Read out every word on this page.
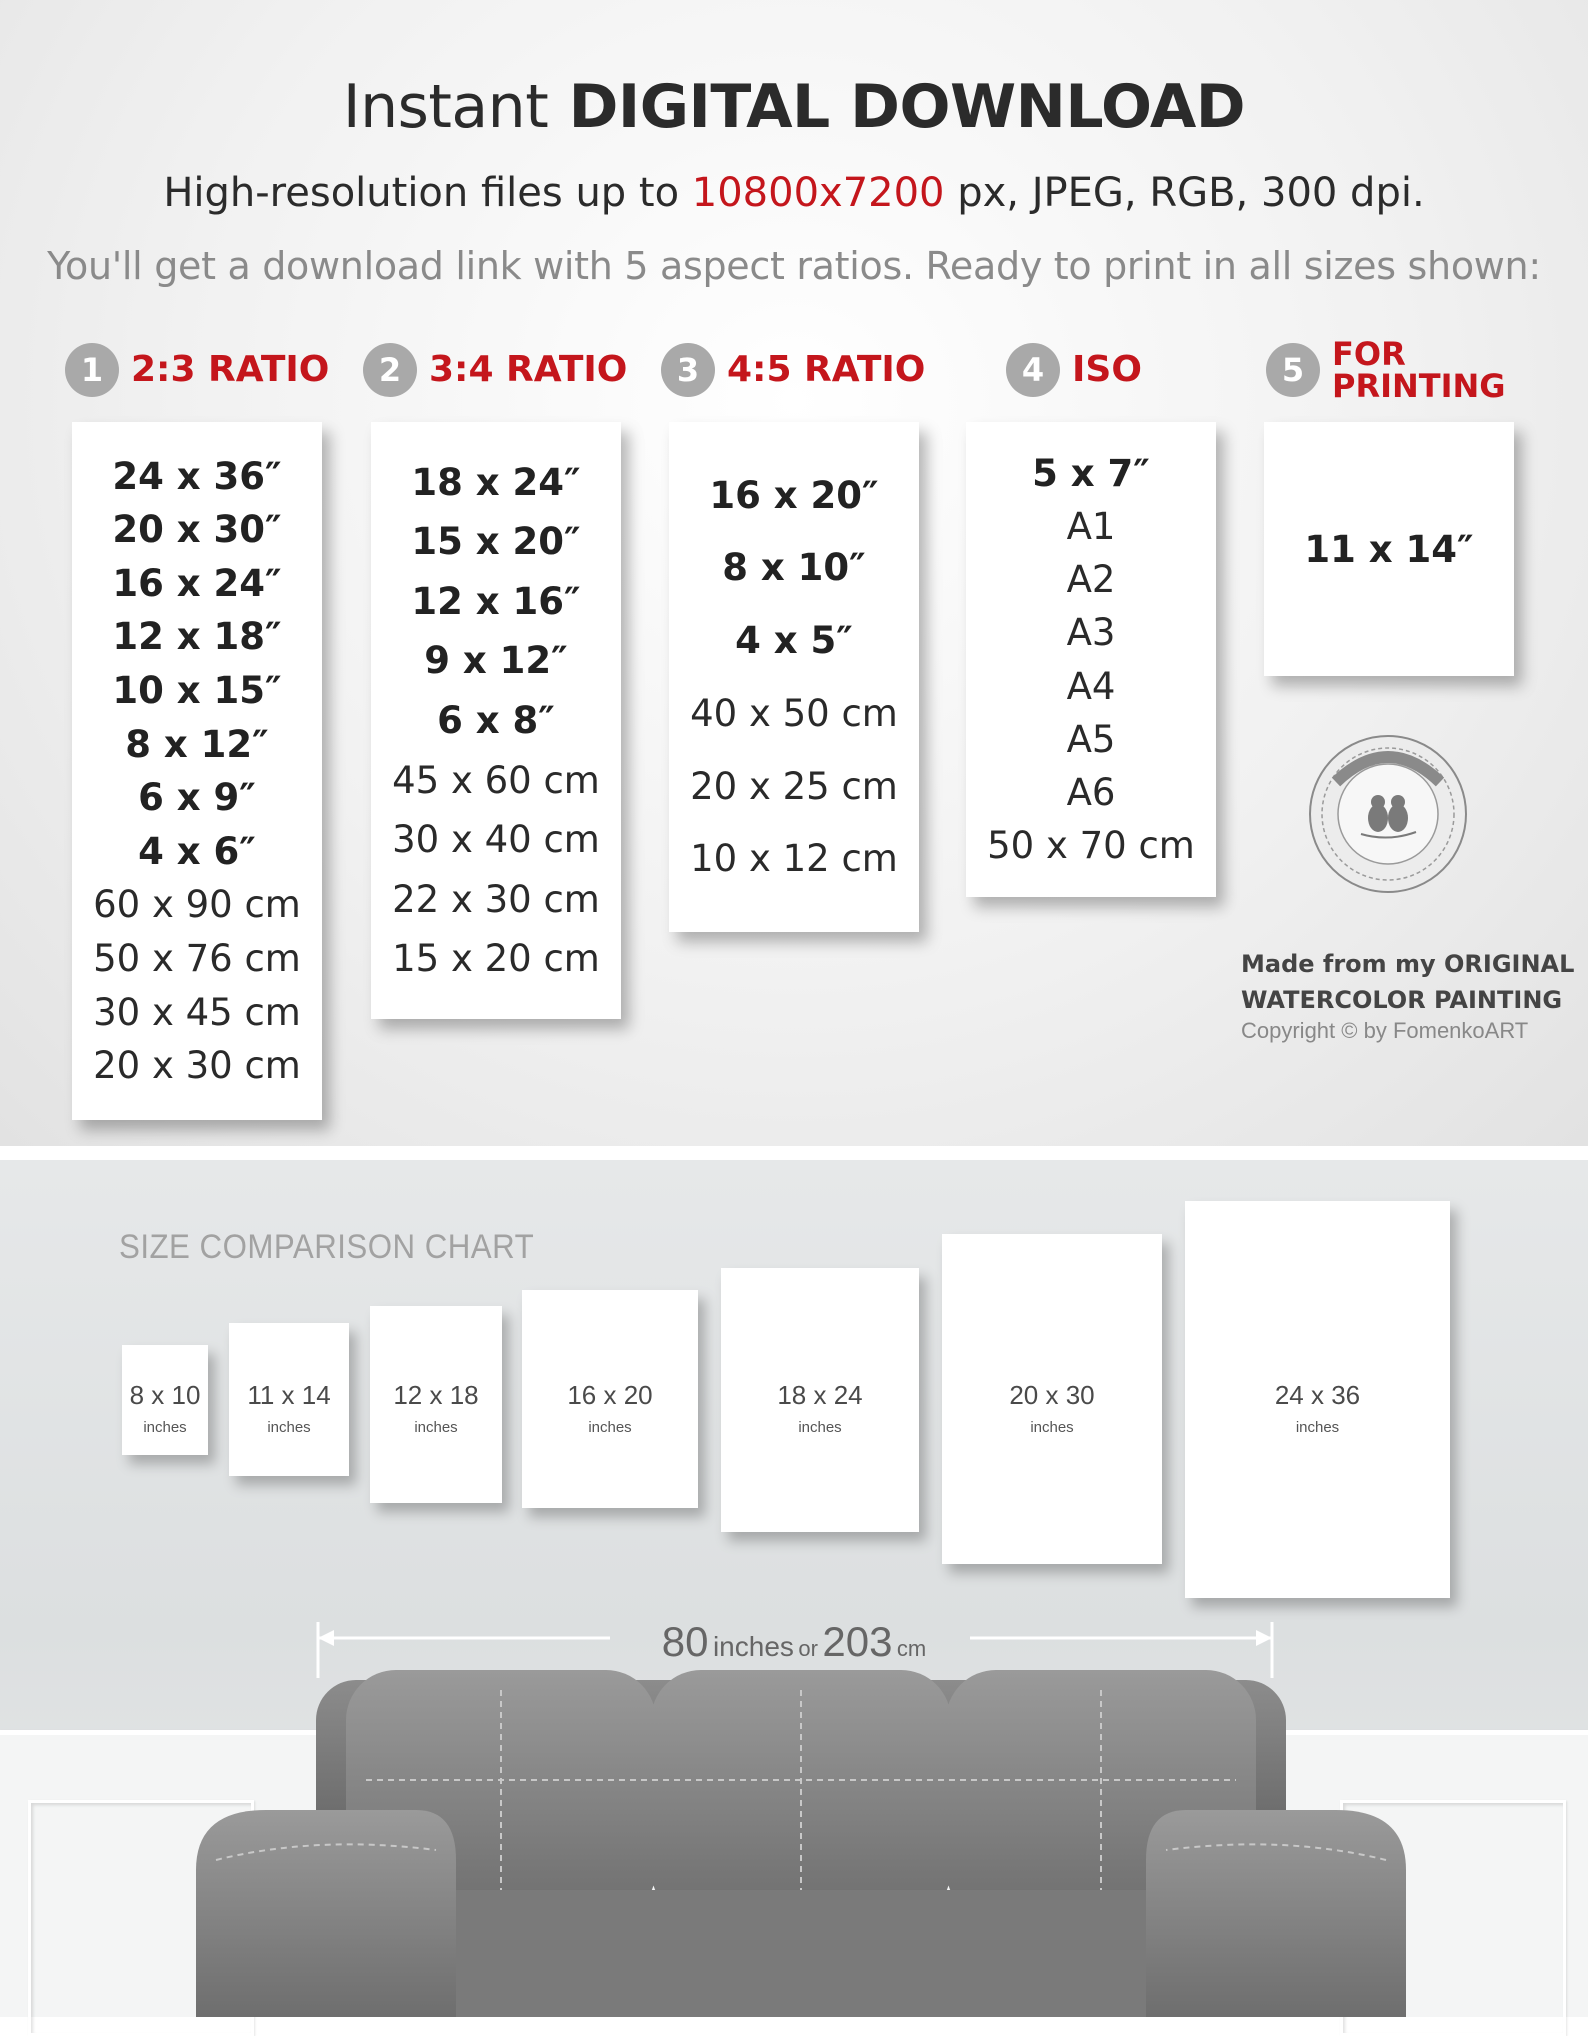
Instant DIGITAL DOWNLOAD
High-resolution files up to 10800x7200 px, JPEG, RGB, 300 dpi.
You'll get a download link with 5 aspect ratios. Ready to print in all sizes shown:
1 2:3 RATIO	2 3:4 RATIO	3 4:5 RATIO	4 ISO	5 FOR
PRINTING
24 x 36″
20 x 30″
16 x 24″
12 x 18″
10 x 15″
8 x 12″
6 x 9″
4 x 6″
60 x 90 cm
50 x 76 cm
30 x 45 cm
20 x 30 cm
18 x 24″
15 x 20″
12 x 16″
9 x 12″
6 x 8″
45 x 60 cm
30 x 40 cm
22 x 30 cm
15 x 20 cm
16 x 20″
8 x 10″
4 x 5″
40 x 50 cm
20 x 25 cm
10 x 12 cm
5 x 7″
A1
A2
A3
A4
A5
A6
50 x 70 cm
11 x 14″
Made from my ORIGINAL
WATERCOLOR PAINTING
Copyright © by FomenkoART
SIZE COMPARISON CHART
8 x 10
inches
11 x 14
inches
12 x 18
inches
16 x 20
inches
18 x 24
inches
20 x 30
inches
24 x 36
inches
80 inches or 203 cm
